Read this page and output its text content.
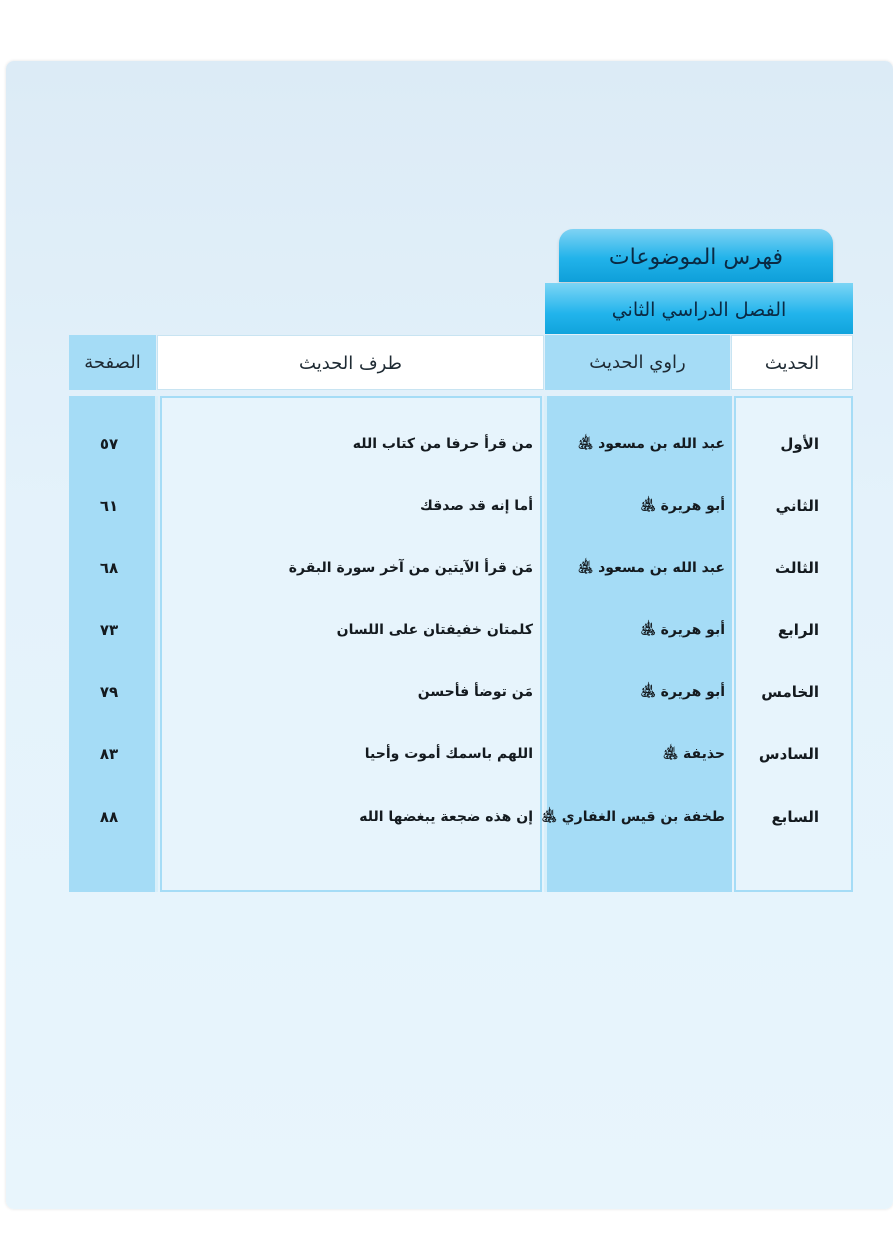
فهرس الموضوعات
الفصل الدراسي الثاني
الحديث
راوي الحديث
طرف الحديث
الصفحة
الأول
عبد الله بن مسعود ﵁
من قرأ حرفا من كتاب الله
٥٧
الثاني
أبو هريرة ﵁
أما إنه قد صدقك
٦١
الثالث
عبد الله بن مسعود ﵁
مَن قرأ الآيتين من آخر سورة البقرة
٦٨
الرابع
أبو هريرة ﵁
كلمتان خفيفتان على اللسان
٧٣
الخامس
أبو هريرة ﵁
مَن توضأ فأحسن
٧٩
السادس
حذيفة ﵁
اللهم باسمك أموت وأحيا
٨٣
السابع
طخفة بن قيس الغفاري ﵁
إن هذه ضجعة يبغضها الله
٨٨
